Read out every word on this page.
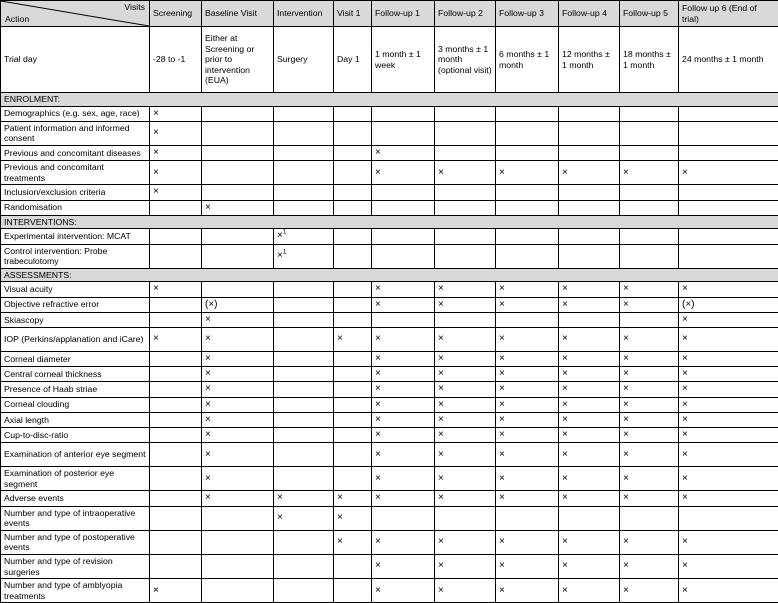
Visits
Action	Screening	Baseline Visit	Intervention	Visit 1	Follow-up 1	Follow-up 2	Follow-up 3	Follow-up 4	Follow-up 5	Follow up 6 (End of trial)
Trial day	-28 to -1	Either at Screening or prior to intervention (EUA)	Surgery	Day 1	1 month ± 1 week	3 months ± 1 month (optional visit)	6 months ± 1 month	12 months ± 1 month	18 months ± 1 month	24 months ± 1 month
ENROLMENT:										
Demographics (e.g. sex, age, race)	×									
Patient information and informed consent	×									
Previous and concomitant diseases	×				×					
Previous and concomitant treatments	×				×	×	×	×	×	×
Inclusion/exclusion criteria	×									
Randomisation		×								
INTERVENTIONS:										
Experimental intervention: MCAT			×$^1$							
Control intervention: Probe trabeculotomy			×$^1$							
ASSESSMENTS:										
Visual acuity	×				×	×	×	×	×	×
Objective refractive error		(×)			×	×	×	×	×	(×)
Skiascopy		×								×
IOP (Perkins/applanation and iCare)	×	×		×	×	×	×	×	×	×
Corneal diameter		×			×	×	×	×	×	×
Central corneal thickness		×			×	×	×	×	×	×
Presence of Haab striae		×			×	×	×	×	×	×
Corneal clouding		×			×	×	×	×	×	×
Axial length		×			×	×	×	×	×	×
Cup-to-disc-ratio		×			×	×	×	×	×	×
Examination of anterior eye segment		×			×	×	×	×	×	×
Examination of posterior eye segment		×			×	×	×	×	×	×
Adverse events		×	×	×	×	×	×	×	×	×
Number and type of intraoperative events			×	×						
Number and type of postoperative events				×	×	×	×	×	×	×
Number and type of revision surgeries					×	×	×	×	×	×
Number and type of amblyopia treatments	×				×	×	×	×	×	×
